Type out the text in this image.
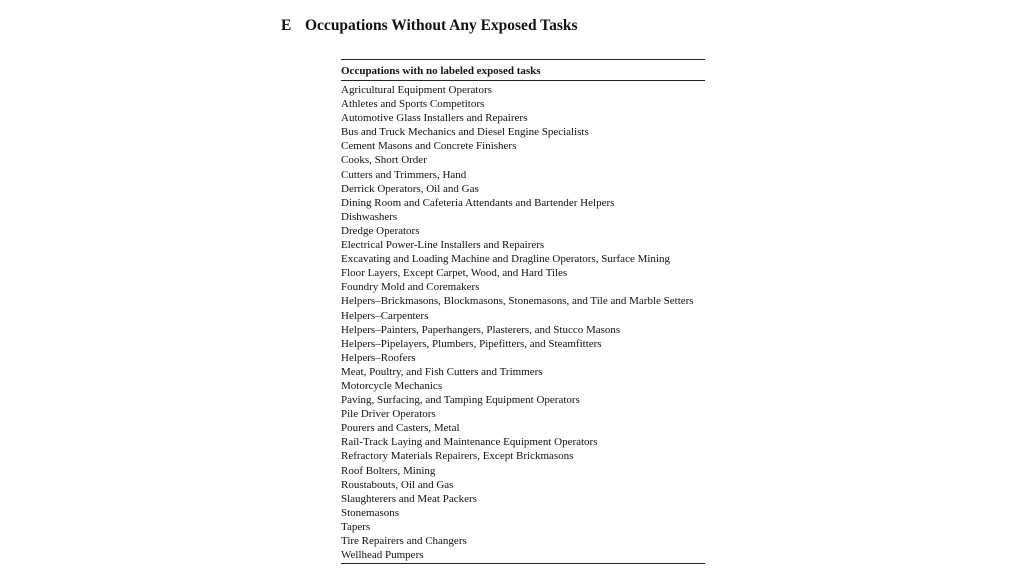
E Occupations Without Any Exposed Tasks
Occupations with no labeled exposed tasks
Agricultural Equipment Operators
Athletes and Sports Competitors
Automotive Glass Installers and Repairers
Bus and Truck Mechanics and Diesel Engine Specialists
Cement Masons and Concrete Finishers
Cooks, Short Order
Cutters and Trimmers, Hand
Derrick Operators, Oil and Gas
Dining Room and Cafeteria Attendants and Bartender Helpers
Dishwashers
Dredge Operators
Electrical Power-Line Installers and Repairers
Excavating and Loading Machine and Dragline Operators, Surface Mining
Floor Layers, Except Carpet, Wood, and Hard Tiles
Foundry Mold and Coremakers
Helpers–Brickmasons, Blockmasons, Stonemasons, and Tile and Marble Setters
Helpers–Carpenters
Helpers–Painters, Paperhangers, Plasterers, and Stucco Masons
Helpers–Pipelayers, Plumbers, Pipefitters, and Steamfitters
Helpers–Roofers
Meat, Poultry, and Fish Cutters and Trimmers
Motorcycle Mechanics
Paving, Surfacing, and Tamping Equipment Operators
Pile Driver Operators
Pourers and Casters, Metal
Rail-Track Laying and Maintenance Equipment Operators
Refractory Materials Repairers, Except Brickmasons
Roof Bolters, Mining
Roustabouts, Oil and Gas
Slaughterers and Meat Packers
Stonemasons
Tapers
Tire Repairers and Changers
Wellhead Pumpers
